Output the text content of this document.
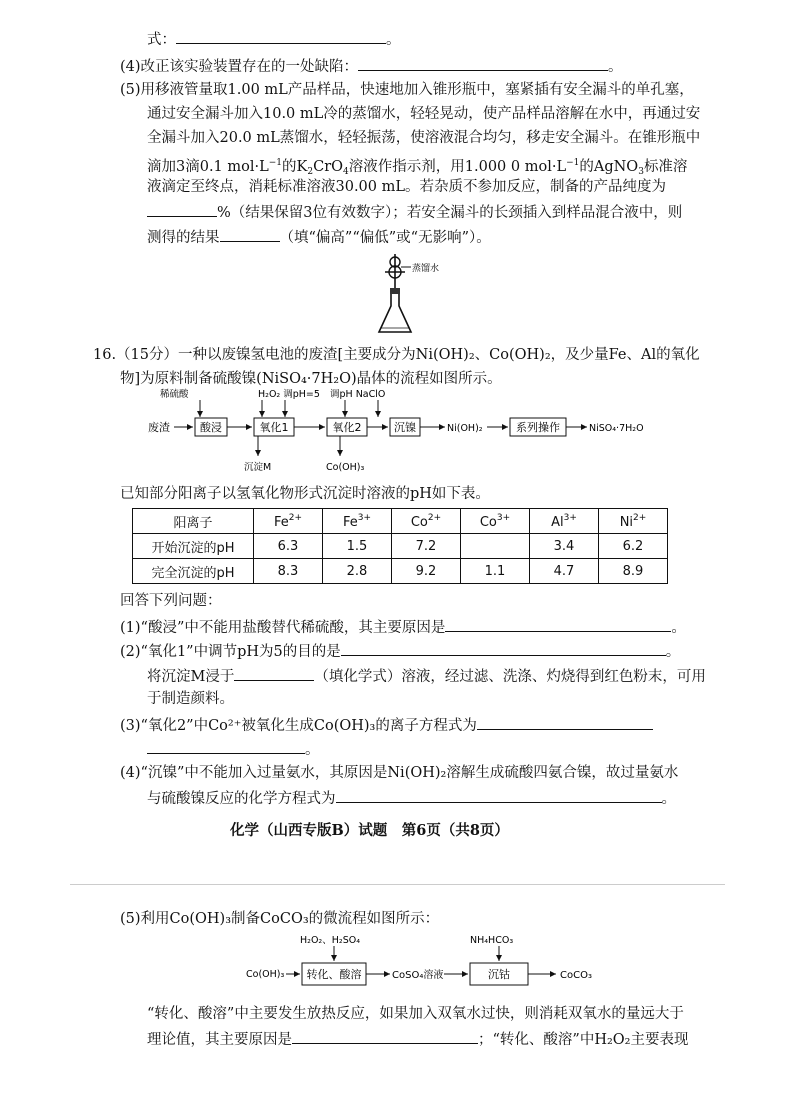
式：	。
(4)改正该实验装置存在的一处缺陷：	。
(5)用移液管量取1.00 mL产品样品，快速地加入锥形瓶中，塞紧插有安全漏斗的单孔塞，
通过安全漏斗加入10.0 mL冷的蒸馏水，轻轻晃动，使产品样品溶解在水中，再通过安
全漏斗加入20.0 mL蒸馏水，轻轻振荡，使溶液混合均匀，移走安全漏斗。在锥形瓶中
滴加3滴0.1 $mol\cdot L^{-1}$的$K_2CrO_4$溶液作指示剂，用1.000 0 $mol\cdot L^{-1}$的AgNO$_3$标准溶
液滴定至终点，消耗标准溶液30.00 mL。若杂质不参加反应，制备的产品纯度为
%（结果保留3位有效数字）；若安全漏斗的长颈插入到样品混合液中，则
测得的结果	（填“偏高”“偏低”或“无影响”）。
蒸馏水
16.（15分）一种以废镍氢电池的废渣[主要成分为Ni(OH)₂、Co(OH)₂，及少量Fe、Al的氧化
物]为原料制备硫酸镍(NiSO₄·7H₂O)晶体的流程如图所示。
稀硫酸	H₂O₂ 调pH=5 调pH NaClO
废渣	酸浸	氧化1	氧化2	沉镍	Ni(OH)₂	系列操作	NiSO₄·7H₂O
沉淀M	Co(OH)₃
已知部分阳离子以氢氧化物形式沉淀时溶液的pH如下表。
阳离子	$Fe^{2+}$	$Fe^{3+}$	$Co^{2+}$	$Co^{3+}$	$Al^{3+}$	$Ni^{2+}$
开始沉淀的pH	6.3	1.5	7.2		3.4	6.2
完全沉淀的pH	8.3	2.8	9.2	1.1	4.7	8.9
回答下列问题：
(1)“酸浸”中不能用盐酸替代稀硫酸，其主要原因是	。
(2)“氧化1”中调节pH为5的目的是	。
将沉淀M浸于	（填化学式）溶液，经过滤、洗涤、灼烧得到红色粉末，可用
于制造颜料。
(3)“氧化2”中Co²⁺被氧化生成Co(OH)₃的离子方程式为
。
(4)“沉镍”中不能加入过量氨水，其原因是Ni(OH)₂溶解生成硫酸四氨合镍，故过量氨水
与硫酸镍反应的化学方程式为	。
化学（山西专版B）试题　第6页（共8页）
(5)利用Co(OH)₃制备CoCO₃的微流程如图所示：
H₂O₂、H₂SO₄	NH₄HCO₃
Co(OH)₃ 转化、酸溶	CoSO₄溶液	沉钴	CoCO₃
“转化、酸溶”中主要发生放热反应，如果加入双氧水过快，则消耗双氧水的量远大于
理论值，其主要原因是	；“转化、酸溶”中H₂O₂主要表现
